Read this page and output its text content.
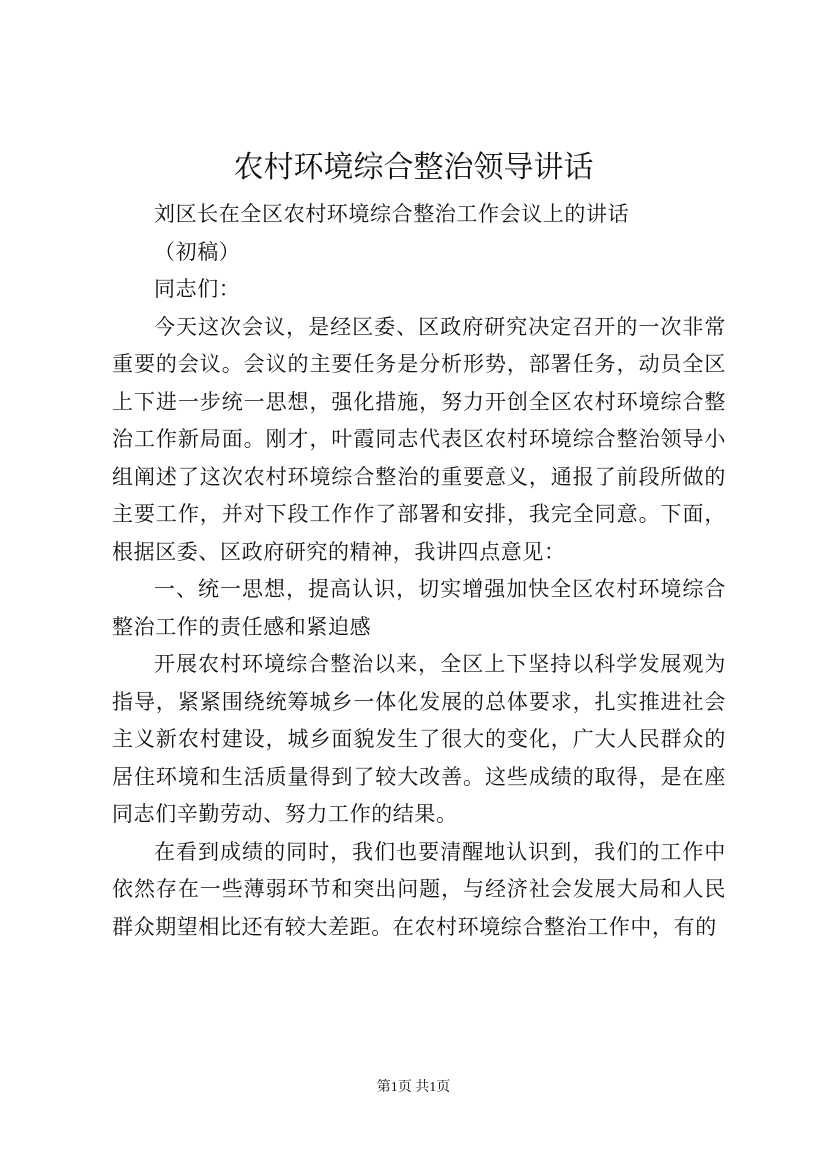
农村环境综合整治领导讲话

刘区长在全区农村环境综合整治工作会议上的讲话

（初稿）

同志们：

今天这次会议，是经区委、区政府研究决定召开的一次非常重要的会议。会议的主要任务是分析形势，部署任务，动员全区上下进一步统一思想，强化措施，努力开创全区农村环境综合整治工作新局面。刚才，叶霞同志代表区农村环境综合整治领导小组阐述了这次农村环境综合整治的重要意义，通报了前段所做的主要工作，并对下段工作作了部署和安排，我完全同意。下面，根据区委、区政府研究的精神，我讲四点意见：

一、统一思想，提高认识，切实增强加快全区农村环境综合整治工作的责任感和紧迫感

开展农村环境综合整治以来，全区上下坚持以科学发展观为指导，紧紧围绕统筹城乡一体化发展的总体要求，扎实推进社会主义新农村建设，城乡面貌发生了很大的变化，广大人民群众的居住环境和生活质量得到了较大改善。这些成绩的取得，是在座同志们辛勤劳动、努力工作的结果。

在看到成绩的同时，我们也要清醒地认识到，我们的工作中依然存在一些薄弱环节和突出问题，与经济社会发展大局和人民群众期望相比还有较大差距。在农村环境综合整治工作中，有的

第1页 共1页
